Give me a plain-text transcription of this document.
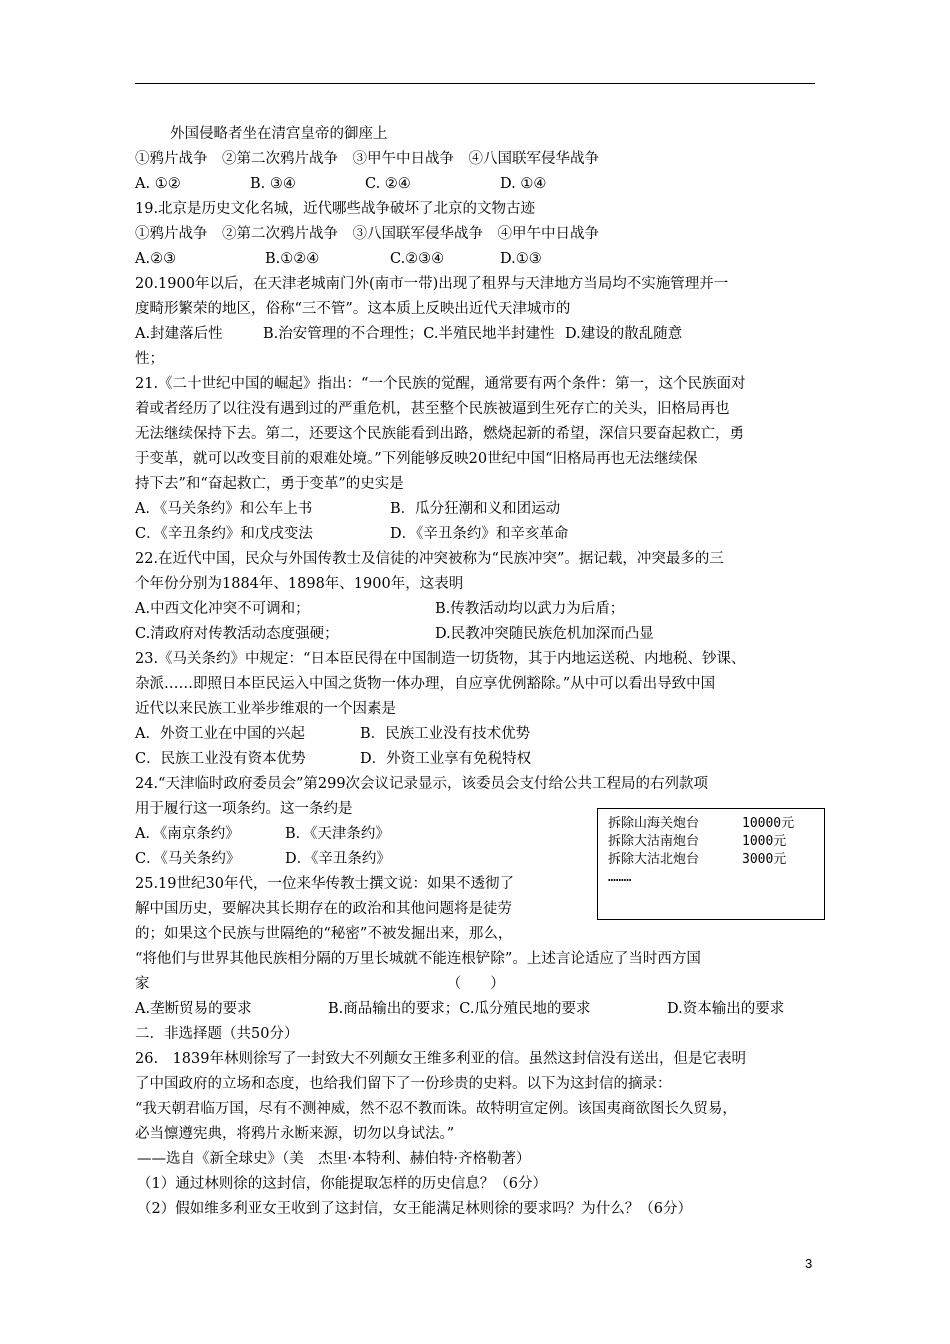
外国侵略者坐在清宫皇帝的御座上
①鸦片战争　②第二次鸦片战争　③甲午中日战争　④八国联军侵华战争
A. ①②	B. ③④	C. ②④	D. ①④
19.北京是历史文化名城，近代哪些战争破坏了北京的文物古迹
①鸦片战争　②第二次鸦片战争　③八国联军侵华战争　④甲午中日战争
A.②③	B.①②④	C.②③④	D.①③
20.1900年以后，在天津老城南门外(南市一带)出现了租界与天津地方当局均不实施管理并一
度畸形繁荣的地区，俗称“三不管”。这本质上反映出近代天津城市的
A.封建落后性	B.治安管理的不合理性；C.半殖民地半封建性 D.建设的散乱随意
性；
21.《二十世纪中国的崛起》指出：“一个民族的觉醒，通常要有两个条件：第一，这个民族面对
着或者经历了以往没有遇到过的严重危机，甚至整个民族被逼到生死存亡的关头，旧格局再也
无法继续保持下去。第二，还要这个民族能看到出路，燃烧起新的希望，深信只要奋起救亡，勇
于变革，就可以改变目前的艰难处境。”下列能够反映20世纪中国“旧格局再也无法继续保
持下去”和“奋起救亡，勇于变革”的史实是
A．《马关条约》和公车上书	B．瓜分狂潮和义和团运动
C．《辛丑条约》和戊戌变法	D．《辛丑条约》和辛亥革命
22.在近代中国，民众与外国传教士及信徒的冲突被称为“民族冲突”。据记载，冲突最多的三
个年份分别为1884年、1898年、1900年，这表明
A.中西文化冲突不可调和；	B.传教活动均以武力为后盾；
C.清政府对传教活动态度强硬；	D.民教冲突随民族危机加深而凸显
23.《马关条约》中规定：“日本臣民得在中国制造一切货物，其于内地运送税、内地税、钞课、
杂派……即照日本臣民运入中国之货物一体办理，自应享优例豁除。”从中可以看出导致中国
近代以来民族工业举步维艰的一个因素是
A．外资工业在中国的兴起	B．民族工业没有技术优势
C．民族工业没有资本优势	D．外资工业享有免税特权
24.“天津临时政府委员会”第299次会议记录显示，该委员会支付给公共工程局的右列款项
用于履行这一项条约。这一条约是
A．《南京条约》	B．《天津条约》
C．《马关条约》	D．《辛丑条约》
25.19世纪30年代，一位来华传教士撰文说：如果不透彻了
解中国历史，要解决其长期存在的政治和其他问题将是徒劳
的；如果这个民族与世隔绝的“秘密”不被发掘出来，那么，
“将他们与世界其他民族相分隔的万里长城就不能连根铲除”。上述言论适应了当时西方国
家　　　　　　　　　　　　　　　　　　　　　（　　）
A.垄断贸易的要求	B.商品输出的要求；C.瓜分殖民地的要求	D.资本输出的要求
二．非选择题（共50分）
26.　1839年林则徐写了一封致大不列颠女王维多利亚的信。虽然这封信没有送出，但是它表明
了中国政府的立场和态度，也给我们留下了一份珍贵的史料。以下为这封信的摘录：
“我天朝君临万国，尽有不测神威，然不忍不教而诛。故特明宣定例。该国夷商欲图长久贸易，
必当懔遵宪典，将鸦片永断来源，切勿以身试法。”
——选自《新全球史》（美　杰里·本特利、赫伯特·齐格勒著）
（1）通过林则徐的这封信，你能提取怎样的历史信息？（6分）
（2）假如维多利亚女王收到了这封信，女王能满足林则徐的要求吗？为什么？（6分）
拆除山海关炮台	10000元
拆除大沽南炮台	1000元
拆除大沽北炮台	3000元
………
3
